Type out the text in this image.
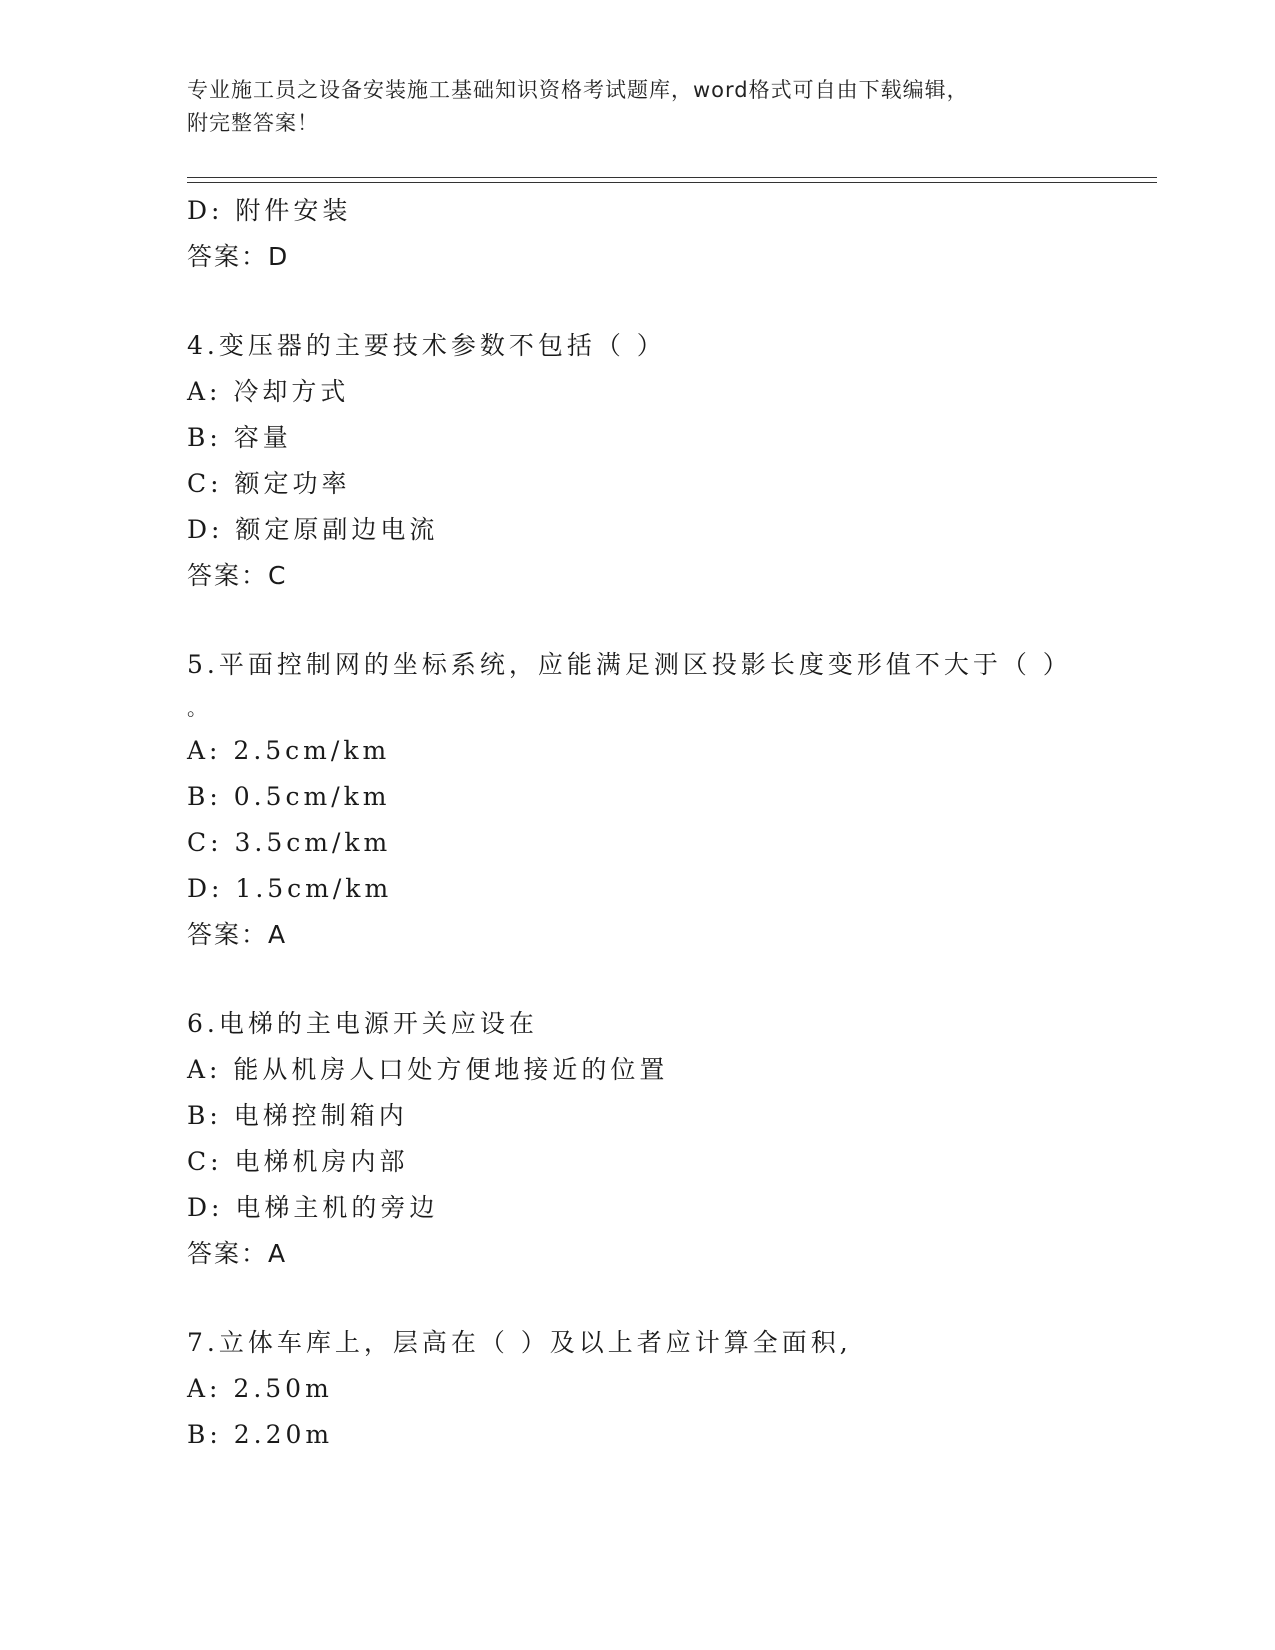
专业施工员之设备安装施工基础知识资格考试题库，word格式可自由下载编辑，
附完整答案！
D: 附件安装
答案：D
4.变压器的主要技术参数不包括（ ）
A: 冷却方式
B: 容量
C: 额定功率
D: 额定原副边电流
答案：C
5.平面控制网的坐标系统，应能满足测区投影长度变形值不大于（ ）
。
A: 2.5cm/km
B: 0.5cm/km
C: 3.5cm/km
D: 1.5cm/km
答案：A
6.电梯的主电源开关应设在
A: 能从机房人口处方便地接近的位置
B: 电梯控制箱内
C: 电梯机房内部
D: 电梯主机的旁边
答案：A
7.立体车库上，层高在（ ）及以上者应计算全面积,
A: 2.50m
B: 2.20m
